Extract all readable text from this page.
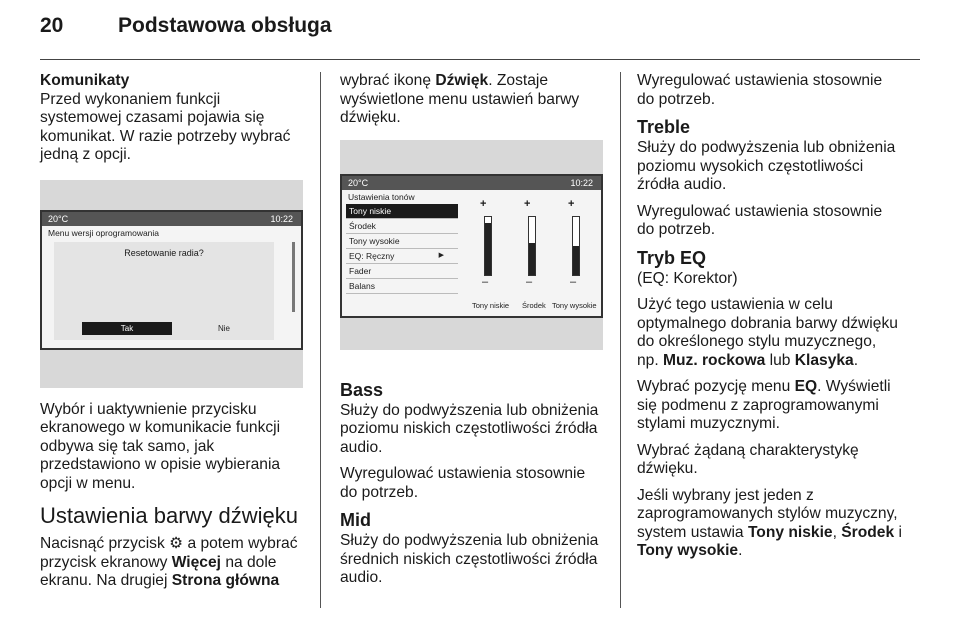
20	Podstawowa obsługa
Komunikaty

Przed wykonaniem funkcji systemowej czasami pojawia się komunikat. W razie potrzeby wybrać jedną z opcji.

Wybór i uaktywnienie przycisku ekranowego w komunikacie funkcji odbywa się tak samo, jak przedstawiono w opisie wybierania opcji w menu.

Ustawienia barwy dźwięku

Nacisnąć przycisk ⚙ a potem wybrać przycisk ekranowy Więcej na dole ekranu. Na drugiej Strona główna

20°C	10:22
Menu wersji oprogramowania
Resetowanie radia?
Tak	Nie

wybrać ikonę Dźwięk. Zostaje wyświetlone menu ustawień barwy dźwięku.

Bass

Służy do podwyższenia lub obniżenia poziomu niskich częstotliwości źródła audio.

Wyregulować ustawienia stosownie do potrzeb.

Mid

Służy do podwyższenia lub obniżenia średnich niskich częstotliwości źródła audio.

20°C	10:22
Ustawienia tonów
Tony niskie
Środek
Tony wysokie
EQ: Ręczny	▶
Fader
Balans
+
–
+
–
+
–
Tony niskie Środek Tony wysokie

Wyregulować ustawienia stosownie do potrzeb.

Treble

Służy do podwyższenia lub obniżenia poziomu wysokich częstotliwości źródła audio.

Wyregulować ustawienia stosownie do potrzeb.

Tryb EQ

(EQ: Korektor)

Użyć tego ustawienia w celu optymalnego dobrania barwy dźwięku do określonego stylu muzycznego, np. Muz. rockowa lub Klasyka.

Wybrać pozycję menu EQ. Wyświetli się podmenu z zaprogramowanymi stylami muzycznymi.

Wybrać żądaną charakterystykę dźwięku.

Jeśli wybrany jest jeden z zaprogramowanych stylów muzyczny, system ustawia Tony niskie, Środek i Tony wysokie.
